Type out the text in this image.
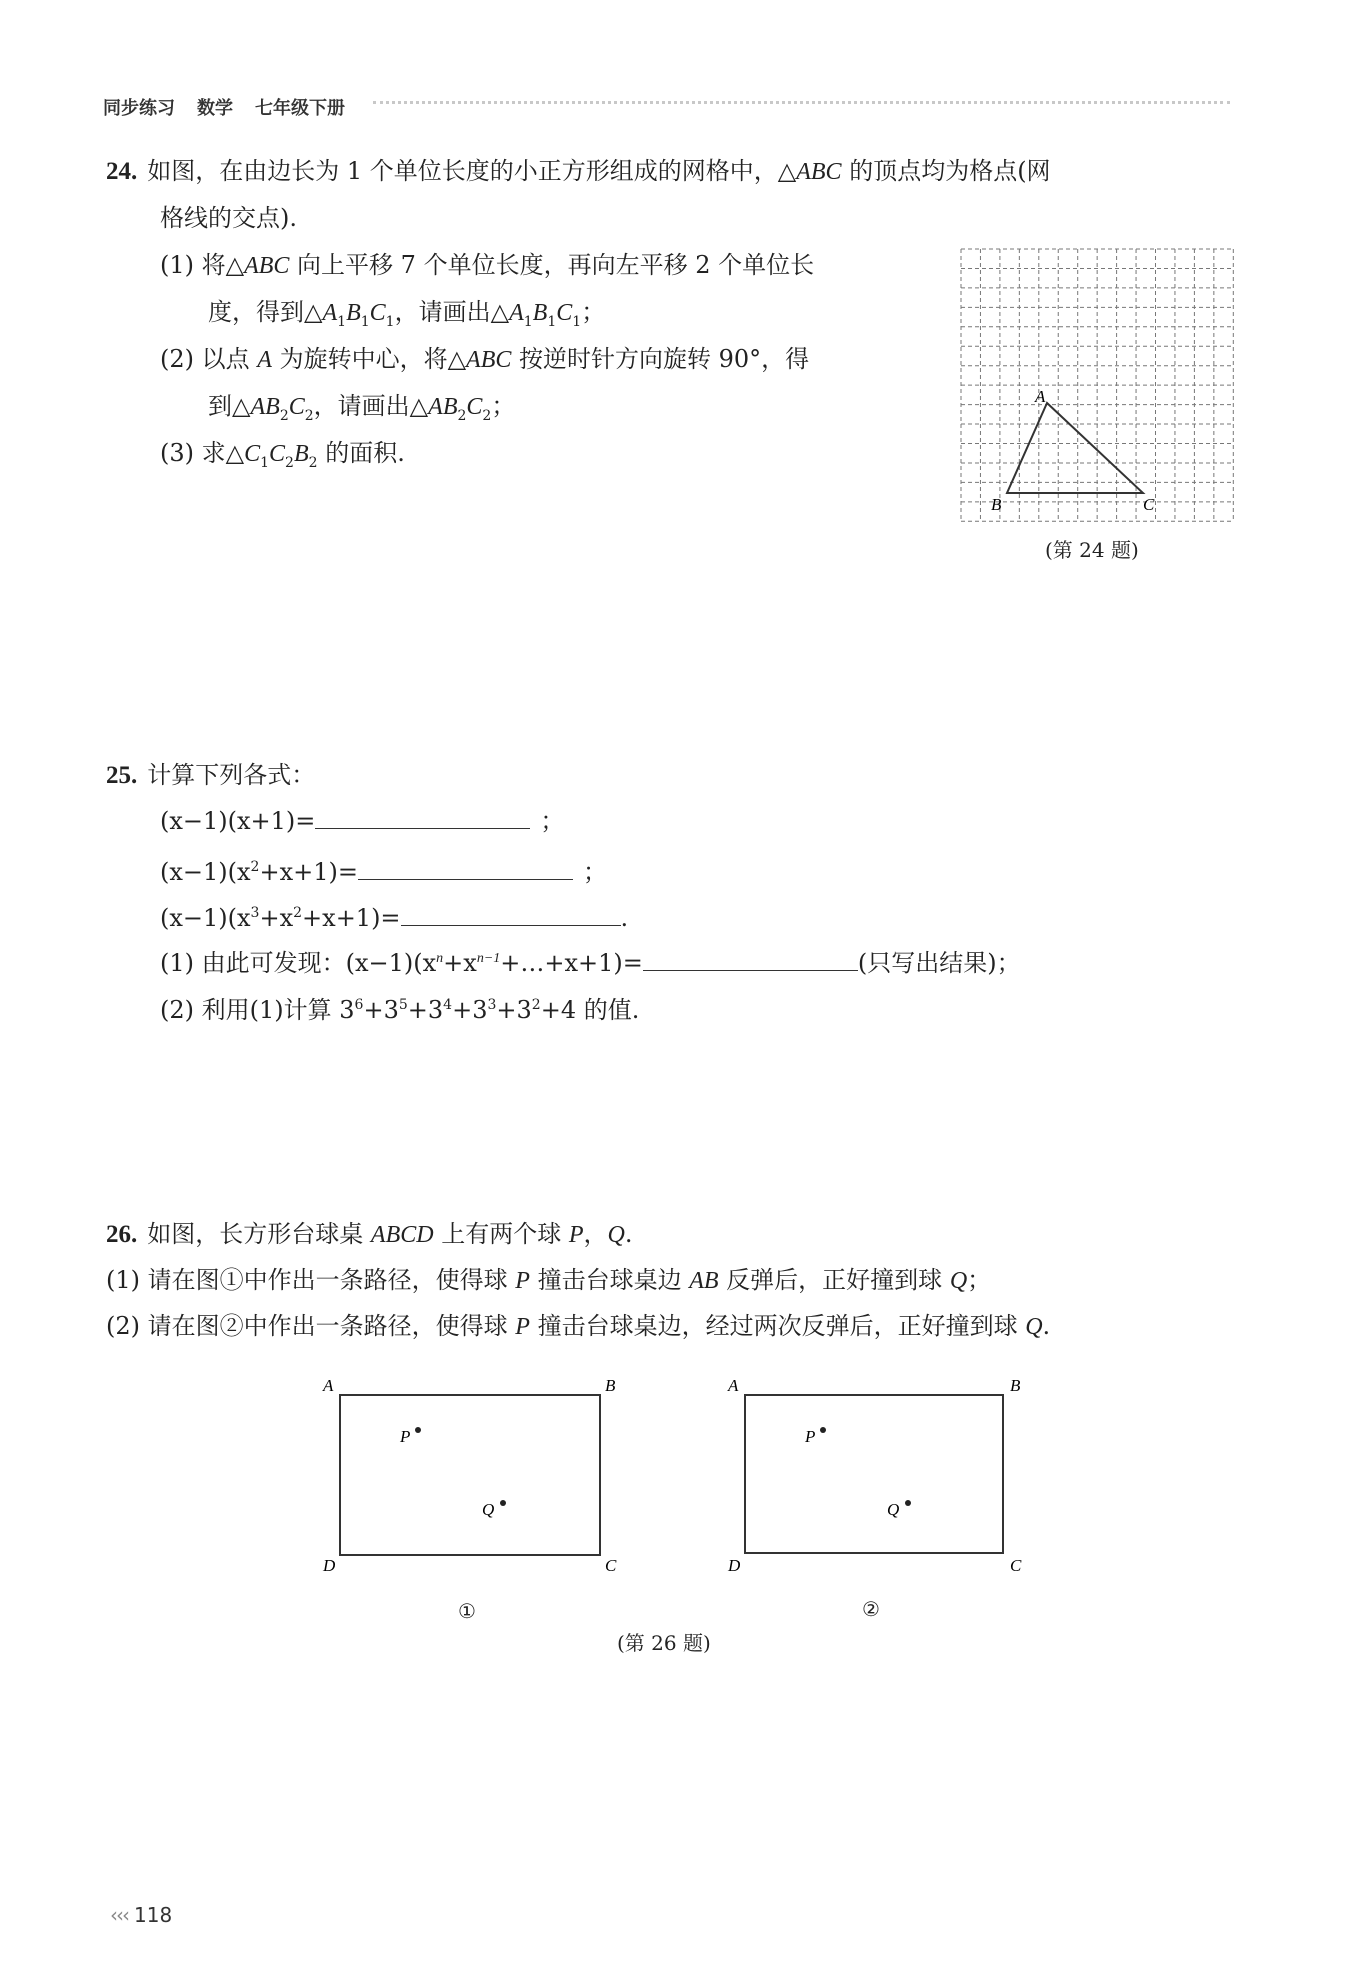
同步练习 数学 七年级下册
24. 如图，在由边长为 1 个单位长度的小正方形组成的网格中，△ABC 的顶点均为格点(网
格线的交点).
(1) 将△ABC 向上平移 7 个单位长度，再向左平移 2 个单位长
度，得到$\triangle A_1B_1C_1$，请画出$\triangle A_1B_1C_1$；
(2) 以点 A 为旋转中心，将△ABC 按逆时针方向旋转 90°，得
到$\triangle AB_2C_2$，请画出$\triangle AB_2C_2$；
(3) 求$\triangle C_1C_2B_2$ 的面积.
A
B	C
(第 24 题)
25. 计算下列各式：
(x−1)(x+1)=	；
$(x-1)(x^2+x+1)=$	；
$(x-1)(x^3+x^2+x+1)=$	.
(1) 由此可发现：$(x-1)(x^n+x^{n-1}+\dots+x+1)=$	(只写出结果)；
(2) 利用(1)计算 $3^6+3^5+3^4+3^3+3^2+4$ 的值.
26. 如图，长方形台球桌 ABCD 上有两个球 P，Q.
(1) 请在图①中作出一条路径，使得球 P 撞击台球桌边 AB 反弹后，正好撞到球 Q；
(2) 请在图②中作出一条路径，使得球 P 撞击台球桌边，经过两次反弹后，正好撞到球 Q.
A	B
C
D
P
Q
①
A	B
C
D
P
Q
②
(第 26 题)
‹‹‹ 118
